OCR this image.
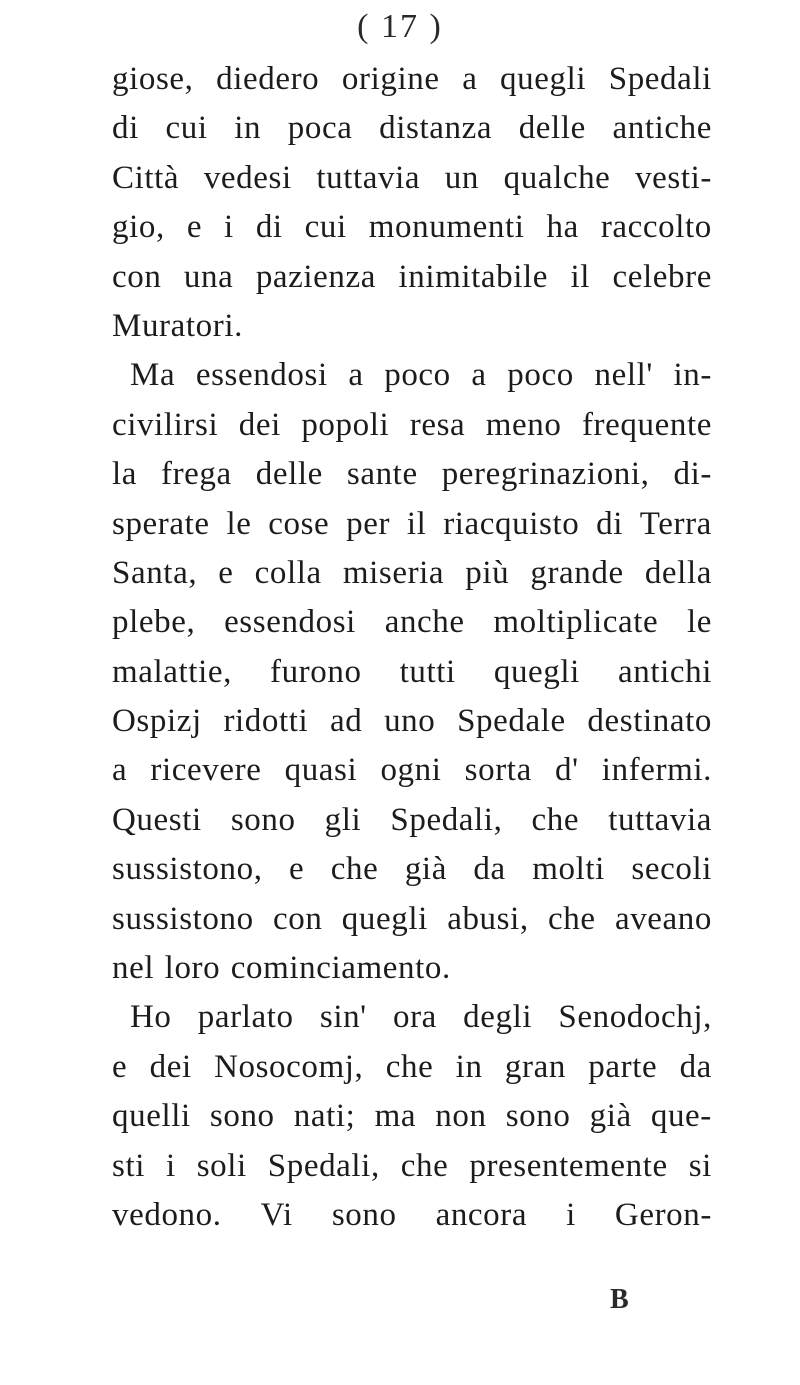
( 17 )
giose, diedero origine a quegli Spedali
di cui in poca distanza delle antiche
Città vedesi tuttavia un qualche vesti-
gio, e i di cui monumenti ha raccolto
con una pazienza inimitabile il celebre
Muratori.
Ma essendosi a poco a poco nell' in-
civilirsi dei popoli resa meno frequente
la frega delle sante peregrinazioni, di-
sperate le cose per il riacquisto di Terra
Santa, e colla miseria più grande della
plebe, essendosi anche moltiplicate le
malattie, furono tutti quegli antichi
Ospizj ridotti ad uno Spedale destinato
a ricevere quasi ogni sorta d' infermi.
Questi sono gli Spedali, che tuttavia
sussistono, e che già da molti secoli
sussistono con quegli abusi, che aveano
nel loro cominciamento.
Ho parlato sin' ora degli Senodochj,
e dei Nosocomj, che in gran parte da
quelli sono nati; ma non sono già que-
sti i soli Spedali, che presentemente si
vedono. Vi sono ancora i Geron-
B
